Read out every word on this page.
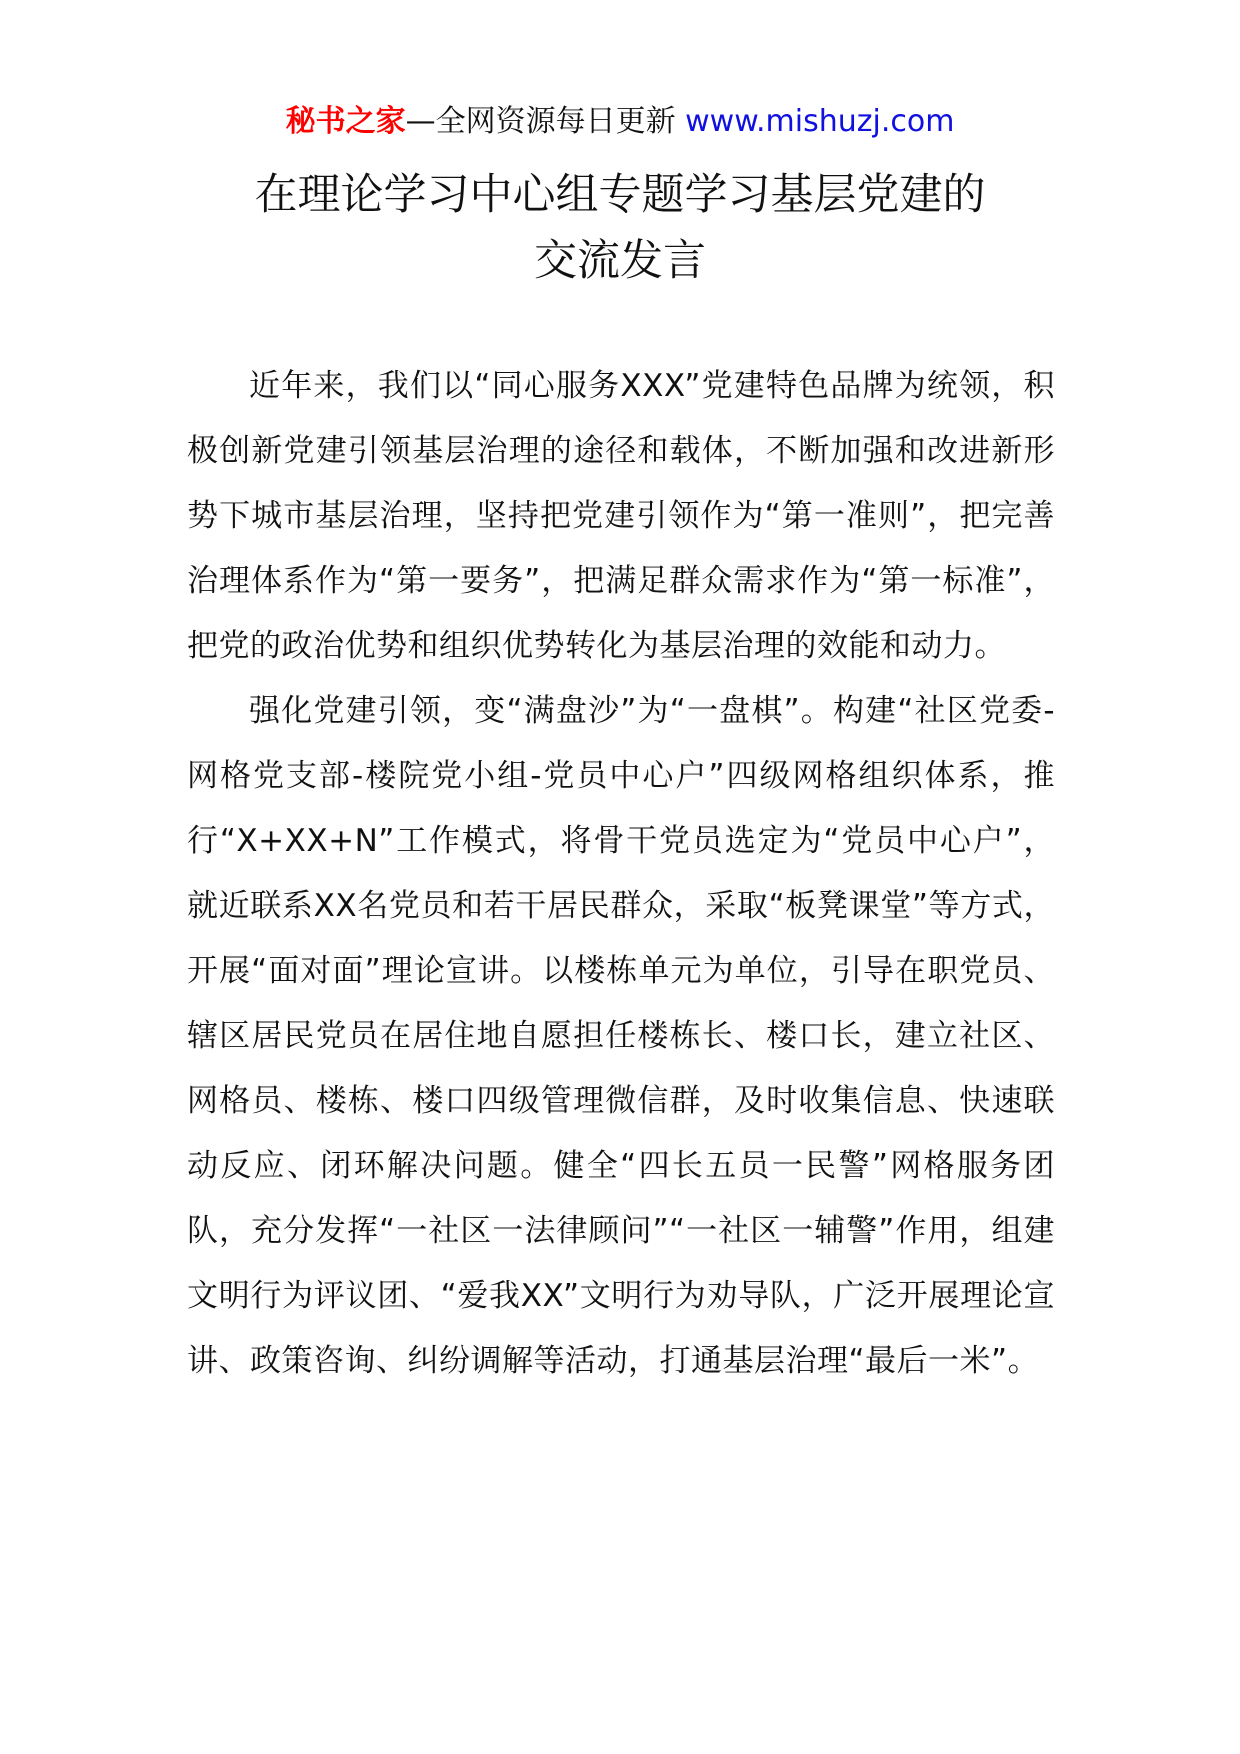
秘书之家—全网资源每日更新 www.mishuzj.com
在理论学习中心组专题学习基层党建的
交流发言

近年来，我们以“同心服务XXX”党建特色品牌为统领，积极创新党建引领基层治理的途径和载体，不断加强和改进新形势下城市基层治理，坚持把党建引领作为“第一准则”，把完善治理体系作为“第一要务”，把满足群众需求作为“第一标准”，把党的政治优势和组织优势转化为基层治理的效能和动力。

强化党建引领，变“满盘沙”为“一盘棋”。构建“社区党委-网格党支部-楼院党小组-党员中心户”四级网格组织体系，推行“X+XX+N”工作模式，将骨干党员选定为“党员中心户”，就近联系XX名党员和若干居民群众，采取“板凳课堂”等方式，开展“面对面”理论宣讲。以楼栋单元为单位，引导在职党员、辖区居民党员在居住地自愿担任楼栋长、楼口长，建立社区、网格员、楼栋、楼口四级管理微信群，及时收集信息、快速联动反应、闭环解决问题。健全“四长五员一民警”网格服务团队，充分发挥“一社区一法律顾问”“一社区一辅警”作用，组建文明行为评议团、“爱我XX”文明行为劝导队，广泛开展理论宣讲、政策咨询、纠纷调解等活动，打通基层治理“最后一米”。
